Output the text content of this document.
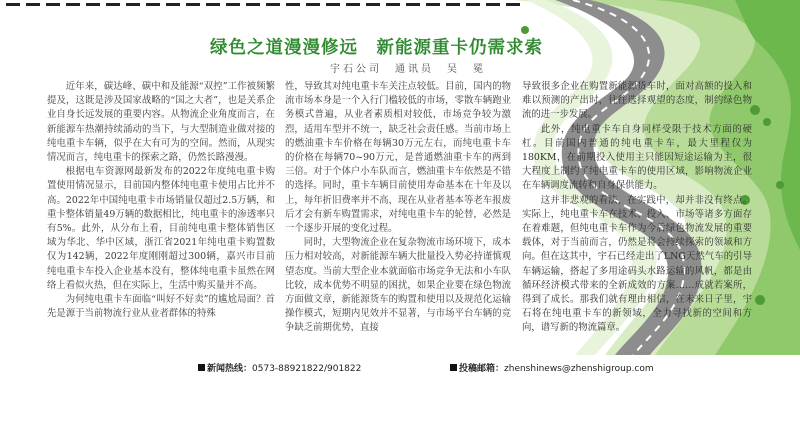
绿色之道漫漫修远　新能源重卡仍需求索
宇石公司　通讯员　吴　冕

近年来，碳达峰、碳中和及能源“双控”工作被频繁提及，这既是涉及国家战略的“国之大者”，也是关系企业自身长远发展的重要内容。从物流企业角度而言，在新能源车热潮持续涌动的当下，与大型制造业做对接的纯电重卡车辆，似乎在大有可为的空间。然而，从现实情况而言，纯电重卡的探索之路，仍然长路漫漫。

根据电车资源网最新发布的2022年度纯电重卡购置使用情况显示，目前国内整体纯电重卡使用占比并不高。2022年中国纯电重卡市场销量仅超过2.5万辆，和重卡整体销量49万辆的数据相比，纯电重卡的渗透率只有5%。此外，从分布上看，目前纯电重卡整体销售区域为华北、华中区域，浙江省2021年纯电重卡购置数仅为142辆，2022年度刚刚超过300辆，嘉兴市目前纯电重卡车投入企业基本没有，整体纯电重卡虽然在网络上看似火热，但在实际上，生活中购买量并不高。

为何纯电重卡车面临“叫好不好卖”的尴尬局面？首先是源于当前物流行业从业者群体的特殊

性，导致其对纯电重卡车关注点较低。目前，国内的物流市场本身是一个入行门槛较低的市场，零散车辆跑业务模式普遍，从业者素质相对较低，市场竞争较为激烈，适用车型并不统一，缺乏社会责任感。当前市场上的燃油重卡车价格在每辆30万元左右，而纯电重卡车的价格在每辆70~90万元，是普通燃油重卡车的两到三倍。对于个体户小车队而言，燃油重卡车依然是不错的选择。同时，重卡车辆目前使用寿命基本在十年及以上，每年折旧费率并不高，现在从业者基本等老车报废后才会有新车购置需求，对纯电重卡车的轮替，必然是一个逐步开展的变化过程。

同时，大型物流企业在复杂物流市场环境下，成本压力相对较高，对新能源车辆大批量投入势必持谨慎观望态度。当前大型企业本就面临市场竞争无法和小车队比较，成本优势不明显的困扰，如果企业要在绿色物流方面做文章，新能源货车的购置和使用以及规范化运输操作模式，短期内见效并不显著，与市场平台车辆的竞争缺乏前期优势，直接

导致很多企业在购置新能源货车时，面对高额的投入和难以预测的产出时，往往选择观望的态度，制约绿色物流的进一步发展。

此外，纯电重卡车自身同样受限于技术方面的硬杠。目前国内普通的纯电重卡车，最大里程仅为180KM，在前期投入使用主只能因短途运输为主，很大程度上制约了纯电重卡车的使用区域，影响物流企业在车辆调度流转和自身保供能力。

这并非悲观的看法，在实践中，却并非没有终点。 实际上，纯电重卡车在技术、投入、市场等诸多方面存在着难题，但纯电重卡车作为今后绿色物流发展的重要载体，对于当前而言，仍然是将会持续探索的领域和方向。但在这其中，宇石已经走出了LNG天然气车的引导车辆运输，搭起了多用途码头水路运输的风帆，都是由循环经济模式带来的全新成效的方案……成就若案所，得到了成长。那我们就有理由相信，在未来日子里，宇石将在纯电重卡车的新领域，全力寻找新的空间和方向，谱写新的物流篇章。

新闻热线：0573-88921822/901822	投稿邮箱：zhenshinews@zhenshigroup.com
